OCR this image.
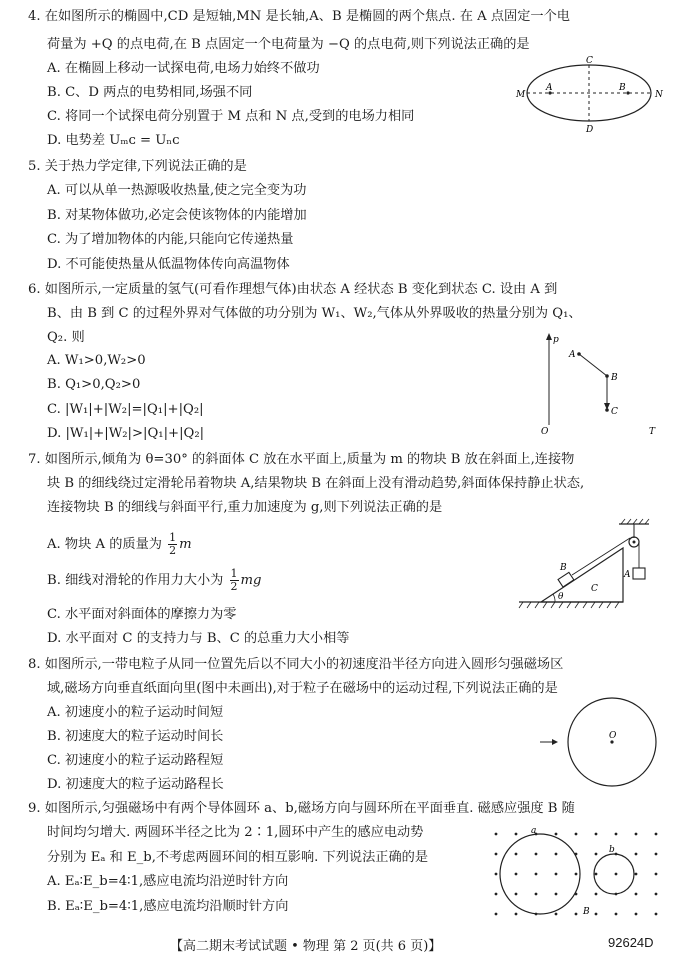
4. 在如图所示的椭圆中,CD 是短轴,MN 是长轴,A、B 是椭圆的两个焦点. 在 A 点固定一个电
荷量为 +Q 的点电荷,在 B 点固定一个电荷量为 −Q 的点电荷,则下列说法正确的是
A. 在椭圆上移动一试探电荷,电场力始终不做功
B. C、D 两点的电势相同,场强不同
C. 将同一个试探电荷分别置于 M 点和 N 点,受到的电场力相同
D. 电势差 Uₘᴄ = Uₙᴄ
C
D
M	N
A	B
5. 关于热力学定律,下列说法正确的是
A. 可以从单一热源吸收热量,使之完全变为功
B. 对某物体做功,必定会使该物体的内能增加
C. 为了增加物体的内能,只能向它传递热量
D. 不可能使热量从低温物体传向高温物体
6. 如图所示,一定质量的氢气(可看作理想气体)由状态 A 经状态 B 变化到状态 C. 设由 A 到
B、由 B 到 C 的过程外界对气体做的功分别为 W₁、W₂,气体从外界吸收的热量分别为 Q₁、
Q₂. 则
A. W₁>0,W₂>0
B. Q₁>0,Q₂>0
C. |W₁|+|W₂|=|Q₁|+|Q₂|
D. |W₁|+|W₂|>|Q₁|+|Q₂|
p
O	T
A
B
C
7. 如图所示,倾角为 θ=30° 的斜面体 C 放在水平面上,质量为 m 的物块 B 放在斜面上,连接物
块 B 的细线绕过定滑轮吊着物块 A,结果物块 B 在斜面上没有滑动趋势,斜面体保持静止状态,
连接物块 B 的细线与斜面平行,重力加速度为 g,则下列说法正确的是
A. 物块 A 的质量为 $\frac{1}{2}$ m
B. 细线对滑轮的作用力大小为 $\frac{1}{2}$ mg
C. 水平面对斜面体的摩擦力为零
D. 水平面对 C 的支持力与 B、C 的总重力大小相等
θ
C
B
A
8. 如图所示,一带电粒子从同一位置先后以不同大小的初速度沿半径方向进入圆形匀强磁场区
域,磁场方向垂直纸面向里(图中未画出),对于粒子在磁场中的运动过程,下列说法正确的是
A. 初速度小的粒子运动时间短
B. 初速度大的粒子运动时间长
C. 初速度小的粒子运动路程短
D. 初速度大的粒子运动路程长
O
9. 如图所示,匀强磁场中有两个导体圆环 a、b,磁场方向与圆环所在平面垂直. 磁感应强度 B 随
时间均匀增大. 两圆环半径之比为 2∶1,圆环中产生的感应电动势
分别为 Eₐ 和 E_b,不考虑两圆环间的相互影响. 下列说法正确的是
A. Eₐ∶E_b=4∶1,感应电流均沿逆时针方向
B. Eₐ∶E_b=4∶1,感应电流均沿顺时针方向
a
b
B
【高二期末考试试题 • 物理 第 2 页(共 6 页)】	92624D
